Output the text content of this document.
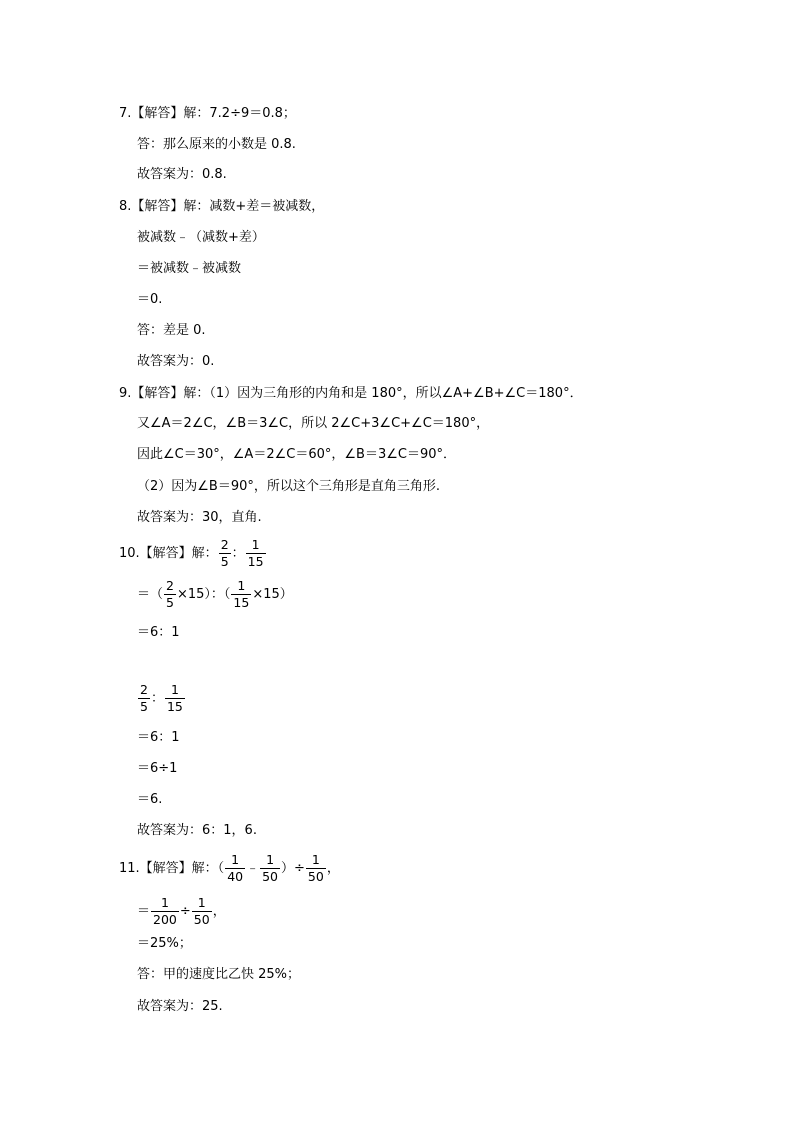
7.【解答】解：7.2÷9＝0.8；
答：那么原来的小数是 0.8.
故答案为：0.8.
8.【解答】解：减数+差＝被减数，
被减数﹣（减数+差）
＝被减数﹣被减数
＝0.
答：差是 0.
故答案为：0.
9.【解答】解：（1）因为三角形的内角和是 180°，所以∠A+∠B+∠C＝180°．
又∠A＝2∠C，∠B＝3∠C，所以 2∠C+3∠C+∠C＝180°，
因此∠C＝30°，∠A＝2∠C＝60°，∠B＝3∠C＝90°．
（2）因为∠B＝90°，所以这个三角形是直角三角形.
故答案为：30，直角.
10.【解答】解： $\frac{2}{5}$ ： $\frac{1}{15}$
＝（ $\frac{2}{5} \times 15$）：（ $\frac{1}{15} \times 15$）
＝6：1
$\frac{2}{5}$ ： $\frac{1}{15}$
＝6：1
＝6÷1
＝6.
故答案为：6：1，6.
11.【解答】解：（ $\frac{1}{40}$ ﹣ $\frac{1}{50}$ ）÷ $\frac{1}{50}$ ，
＝ $\frac{1}{200} \div \frac{1}{50}$ ，
＝25%；
答：甲的速度比乙快 25%；
故答案为：25.
